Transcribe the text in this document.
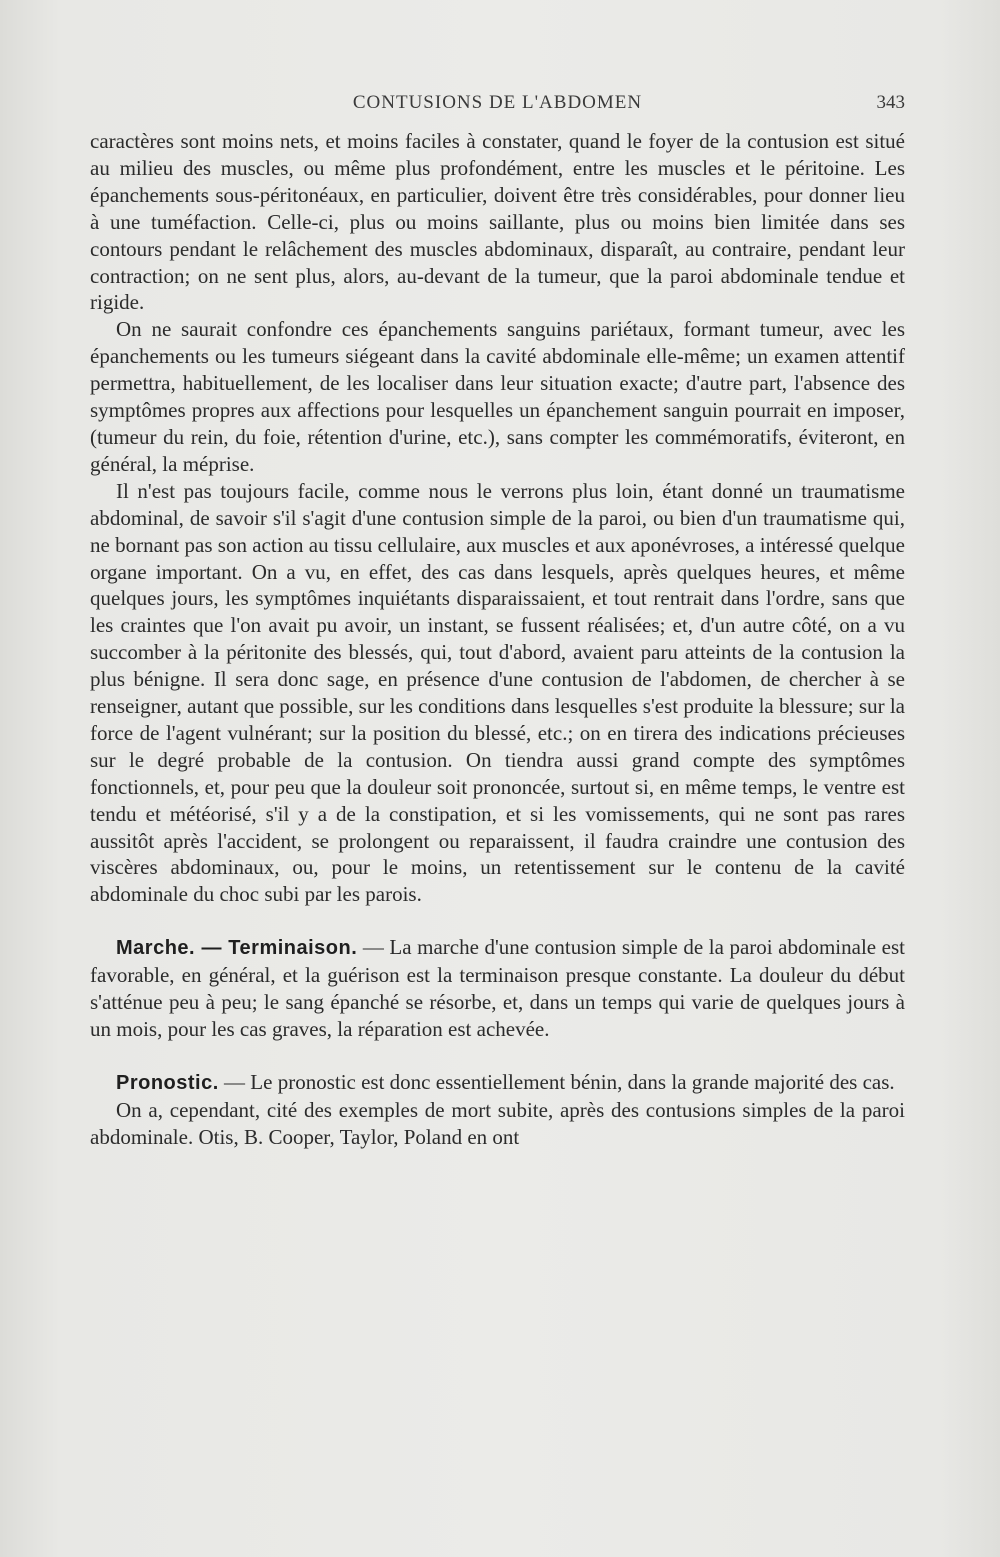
CONTUSIONS DE L'ABDOMEN	343

caractères sont moins nets, et moins faciles à constater, quand le foyer de la contusion est situé au milieu des muscles, ou même plus profondément, entre les muscles et le péritoine. Les épanchements sous-péritonéaux, en particulier, doivent être très considérables, pour donner lieu à une tuméfaction. Celle-ci, plus ou moins saillante, plus ou moins bien limitée dans ses contours pendant le relâchement des muscles abdominaux, disparaît, au contraire, pendant leur contraction; on ne sent plus, alors, au-devant de la tumeur, que la paroi abdominale tendue et rigide.

On ne saurait confondre ces épanchements sanguins pariétaux, formant tumeur, avec les épanchements ou les tumeurs siégeant dans la cavité abdominale elle-même; un examen attentif permettra, habituellement, de les localiser dans leur situation exacte; d'autre part, l'absence des symptômes propres aux affections pour lesquelles un épanchement sanguin pourrait en imposer, (tumeur du rein, du foie, rétention d'urine, etc.), sans compter les commémoratifs, éviteront, en général, la méprise.

Il n'est pas toujours facile, comme nous le verrons plus loin, étant donné un traumatisme abdominal, de savoir s'il s'agit d'une contusion simple de la paroi, ou bien d'un traumatisme qui, ne bornant pas son action au tissu cellulaire, aux muscles et aux aponévroses, a intéressé quelque organe important. On a vu, en effet, des cas dans lesquels, après quelques heures, et même quelques jours, les symptômes inquiétants disparaissaient, et tout rentrait dans l'ordre, sans que les craintes que l'on avait pu avoir, un instant, se fussent réalisées; et, d'un autre côté, on a vu succomber à la péritonite des blessés, qui, tout d'abord, avaient paru atteints de la contusion la plus bénigne. Il sera donc sage, en présence d'une contusion de l'abdomen, de chercher à se renseigner, autant que possible, sur les conditions dans lesquelles s'est produite la blessure; sur la force de l'agent vulnérant; sur la position du blessé, etc.; on en tirera des indications précieuses sur le degré probable de la contusion. On tiendra aussi grand compte des symptômes fonctionnels, et, pour peu que la douleur soit prononcée, surtout si, en même temps, le ventre est tendu et météorisé, s'il y a de la constipation, et si les vomissements, qui ne sont pas rares aussitôt après l'accident, se prolongent ou reparaissent, il faudra craindre une contusion des viscères abdominaux, ou, pour le moins, un retentissement sur le contenu de la cavité abdominale du choc subi par les parois.

Marche. — Terminaison. — La marche d'une contusion simple de la paroi abdominale est favorable, en général, et la guérison est la terminaison presque constante. La douleur du début s'atténue peu à peu; le sang épanché se résorbe, et, dans un temps qui varie de quelques jours à un mois, pour les cas graves, la réparation est achevée.

Pronostic. — Le pronostic est donc essentiellement bénin, dans la grande majorité des cas.

On a, cependant, cité des exemples de mort subite, après des contusions simples de la paroi abdominale. Otis, B. Cooper, Taylor, Poland en ont
